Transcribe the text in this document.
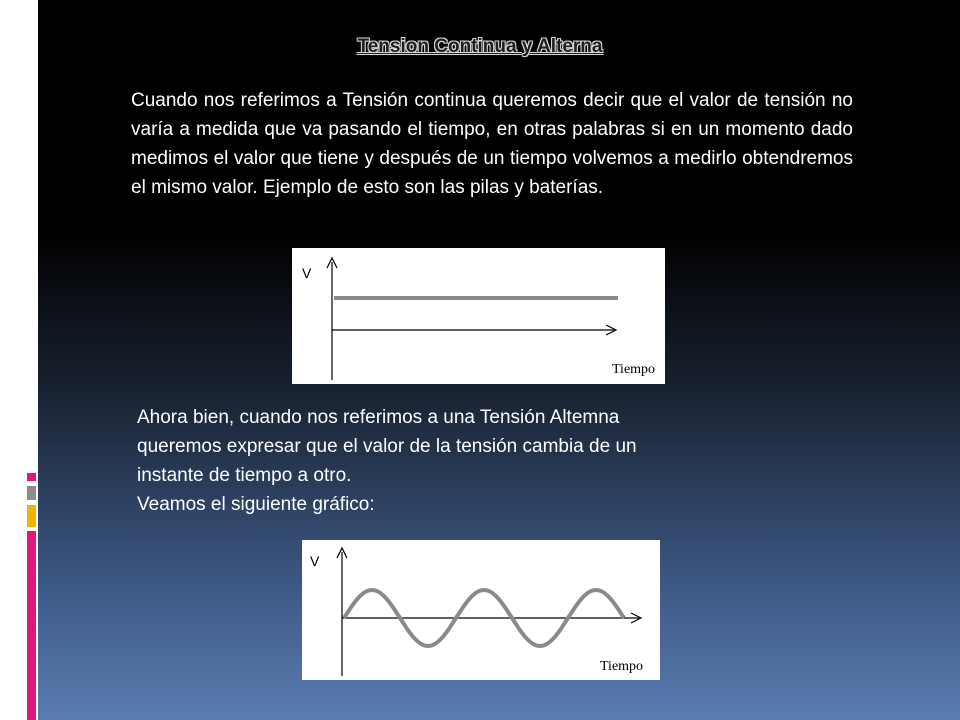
Tension Continua y Alterna

Cuando nos referimos a Tensión continua queremos decir que el valor de tensión no varía a medida que va pasando el tiempo, en otras palabras si en un momento dado medimos el valor que tiene y después de un tiempo volvemos a medirlo obtendremos el mismo valor. Ejemplo de esto son las pilas y baterías.

V
Tiempo

Ahora bien, cuando nos referimos a una Tensión Altemna
queremos expresar que el valor de la tensión cambia de un
instante de tiempo a otro.
Veamos el siguiente gráfico:

V
Tiempo
